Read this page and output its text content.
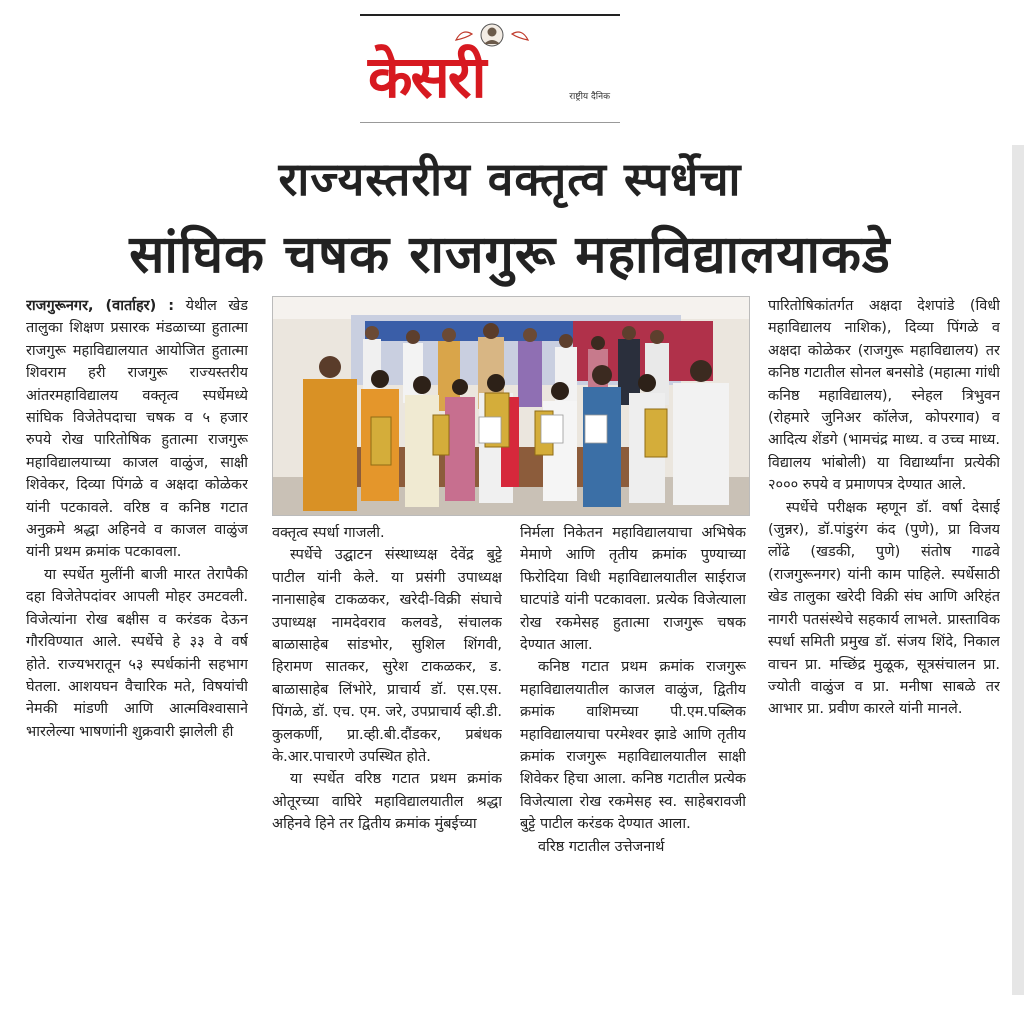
केसरी	राष्ट्रीय दैनिक
राज्यस्तरीय वक्तृत्व स्पर्धेचा
सांघिक चषक राजगुरू महाविद्यालयाकडे

राजगुरूनगर, (वार्ताहर) : येथील खेड तालुका शिक्षण प्रसारक मंडळाच्या हुतात्मा राजगुरू महाविद्यालयात आयोजित हुतात्मा शिवराम हरी राजगुरू राज्यस्तरीय आंतरमहाविद्यालय वक्तृत्व स्पर्धेमध्ये सांघिक विजेतेपदाचा चषक व ५ हजार रुपये रोख पारितोषिक हुतात्मा राजगुरू महाविद्यालयाच्या काजल वाळुंज, साक्षी शिवेकर, दिव्या पिंगळे व अक्षदा कोळेकर यांनी पटकावले. वरिष्ठ व कनिष्ठ गटात अनुक्रमे श्रद्धा अहिनवे व काजल वाळुंज यांनी प्रथम क्रमांक पटकावला.

या स्पर्धेत मुलींनी बाजी मारत तेरापैकी दहा विजेतेपदांवर आपली मोहर उमटवली. विजेत्यांना रोख बक्षीस व करंडक देऊन गौरविण्यात आले. स्पर्धेचे हे ३३ वे वर्ष होते. राज्यभरातून ५३ स्पर्धकांनी सहभाग घेतला. आशयघन वैचारिक मते, विषयांची नेमकी मांडणी आणि आत्मविश्वासाने भारलेल्या भाषणांनी शुक्रवारी झालेली ही

वक्तृत्व स्पर्धा गाजली.

स्पर्धेचे उद्घाटन संस्थाध्यक्ष देवेंद्र बुट्टे पाटील यांनी केले. या प्रसंगी उपाध्यक्ष नानासाहेब टाकळकर, खरेदी-विक्री संघाचे उपाध्यक्ष नामदेवराव कलवडे, संचालक बाळासाहेब सांडभोर, सुशिल शिंगवी, हिरामण सातकर, सुरेश टाकळकर, ड. बाळासाहेब लिंभोरे, प्राचार्य डॉ. एस.एस. पिंगळे, डॉ. एच. एम. जरे, उपप्राचार्य व्ही.डी. कुलकर्णी, प्रा.व्ही.बी.दौंडकर, प्रबंधक के.आर.पाचारणे उपस्थित होते.

या स्पर्धेत वरिष्ठ गटात प्रथम क्रमांक ओतूरच्या वाघिरे महाविद्यालयातील श्रद्धा अहिनवे हिने तर द्वितीय क्रमांक मुंबईच्या

निर्मला निकेतन महाविद्यालयाचा अभिषेक मेमाणे आणि तृतीय क्रमांक पुण्याच्या फिरोदिया विधी महाविद्यालयातील साईराज घाटपांडे यांनी पटकावला. प्रत्येक विजेत्याला रोख रकमेसह हुतात्मा राजगुरू चषक देण्यात आला.

कनिष्ठ गटात प्रथम क्रमांक राजगुरू महाविद्यालयातील काजल वाळुंज, द्वितीय क्रमांक वाशिमच्या पी.एम.पब्लिक महाविद्यालयाचा परमेश्वर झाडे आणि तृतीय क्रमांक राजगुरू महाविद्यालयातील साक्षी शिवेकर हिचा आला. कनिष्ठ गटातील प्रत्येक विजेत्याला रोख रकमेसह स्व. साहेबरावजी बुट्टे पाटील करंडक देण्यात आला.

वरिष्ठ गटातील उत्तेजनार्थ

पारितोषिकांतर्गत अक्षदा देशपांडे (विधी महाविद्यालय नाशिक), दिव्या पिंगळे व अक्षदा कोळेकर (राजगुरू महाविद्यालय) तर कनिष्ठ गटातील सोनल बनसोडे (महात्मा गांधी कनिष्ठ महाविद्यालय), स्नेहल त्रिभुवन (रोहमारे जुनिअर कॉलेज, कोपरगाव) व आदित्य शेंडगे (भामचंद्र माध्य. व उच्च माध्य. विद्यालय भांबोली) या विद्यार्थ्यांना प्रत्येकी २००० रुपये व प्रमाणपत्र देण्यात आले.

स्पर्धेचे परीक्षक म्हणून डॉ. वर्षा देसाई (जुन्नर), डॉ.पांडुरंग कंद (पुणे), प्रा विजय लोंढे (खडकी, पुणे) संतोष गाढवे (राजगुरूनगर) यांनी काम पाहिले. स्पर्धेसाठी खेड तालुका खरेदी विक्री संघ आणि अरिहंत नागरी पतसंस्थेचे सहकार्य लाभले. प्रास्ताविक स्पर्धा समिती प्रमुख डॉ. संजय शिंदे, निकाल वाचन प्रा. मच्छिंद्र मुळूक, सूत्रसंचालन प्रा. ज्योती वाळुंज व प्रा. मनीषा साबळे तर आभार प्रा. प्रवीण कारले यांनी मानले.
